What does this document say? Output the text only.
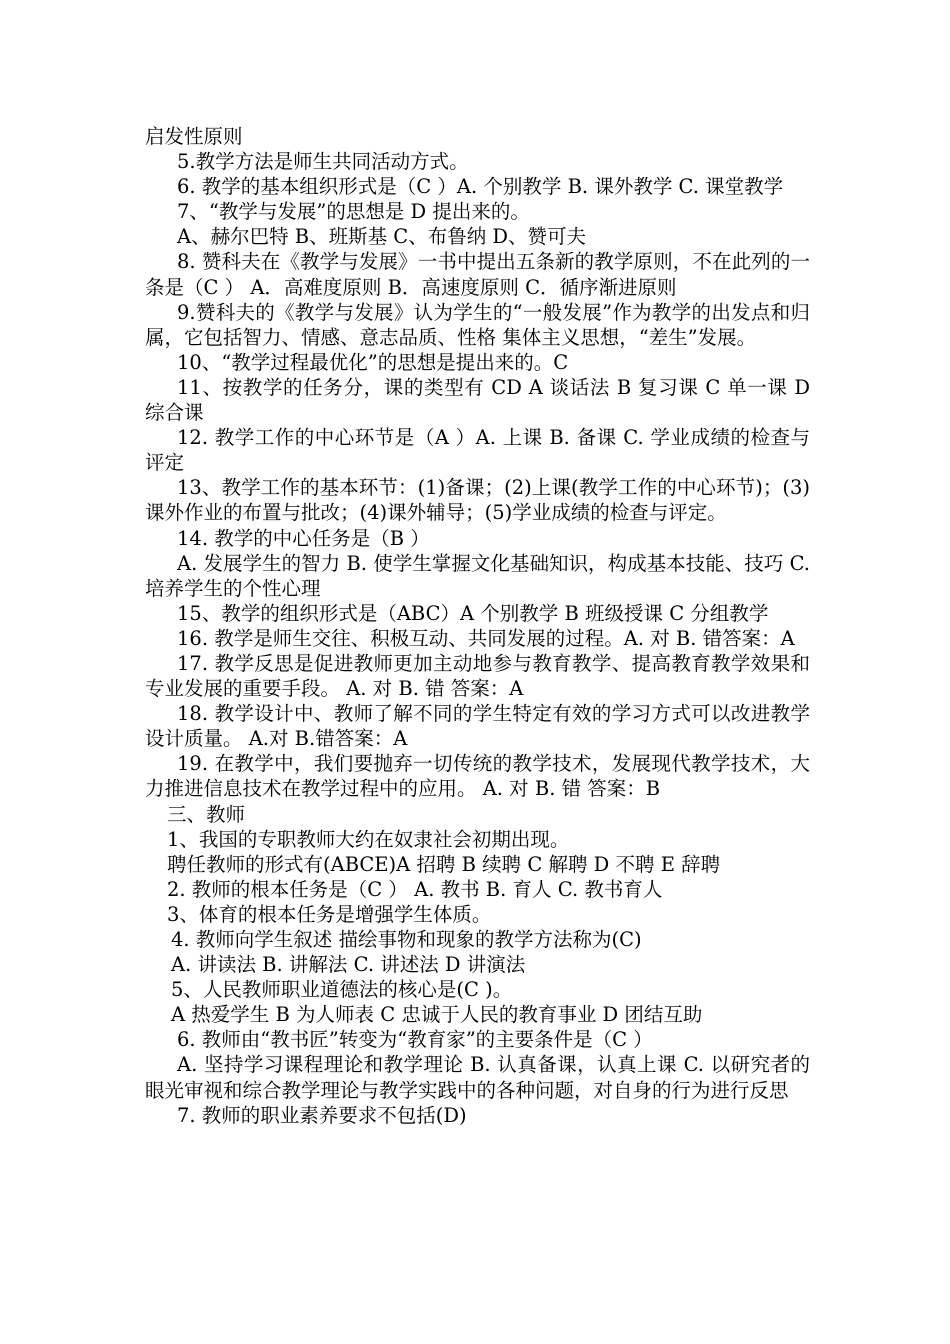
启发性原则

5.教学方法是师生共同活动方式。

6. 教学的基本组织形式是（C ）A. 个别教学 B. 课外教学 C. 课堂教学

7、“教学与发展”的思想是 D 提出来的。

A、赫尔巴特 B、班斯基 C、布鲁纳 D、赞可夫

8. 赞科夫在《教学与发展》一书中提出五条新的教学原则，不在此列的一条是（C ） A．高难度原则 B．高速度原则 C．循序渐进原则

9.赞科夫的《教学与发展》认为学生的“一般发展”作为教学的出发点和归属，它包括智力、情感、意志品质、性格 集体主义思想，“差生”发展。

10、“教学过程最优化”的思想是提出来的。C

11、按教学的任务分，课的类型有 CD A 谈话法 B 复习课 C 单一课 D 综合课

12. 教学工作的中心环节是（A ）A. 上课 B. 备课 C. 学业成绩的检查与评定

13、教学工作的基本环节：(1)备课；(2)上课(教学工作的中心环节)；(3)课外作业的布置与批改；(4)课外辅导；(5)学业成绩的检查与评定。

14. 教学的中心任务是（B ）

A. 发展学生的智力 B. 使学生掌握文化基础知识，构成基本技能、技巧 C. 培养学生的个性心理

15、教学的组织形式是（ABC）A 个别教学 B 班级授课 C 分组教学

16. 教学是师生交往、积极互动、共同发展的过程。A. 对 B. 错答案：A

17. 教学反思是促进教师更加主动地参与教育教学、提高教育教学效果和专业发展的重要手段。 A. 对 B. 错 答案：A

18. 教学设计中、教师了解不同的学生特定有效的学习方式可以改进教学设计质量。 A.对 B.错答案：A

19. 在教学中，我们要抛弃一切传统的教学技术，发展现代教学技术，大力推进信息技术在教学过程中的应用。 A. 对 B. 错 答案：B

三、教师

1、我国的专职教师大约在奴隶社会初期出现。

聘任教师的形式有(ABCE)A 招聘 B 续聘 C 解聘 D 不聘 E 辞聘

2. 教师的根本任务是（C ） A. 教书 B. 育人 C. 教书育人

3、体育的根本任务是增强学生体质。

4. 教师向学生叙述 描绘事物和现象的教学方法称为(C)

A. 讲读法 B. 讲解法 C. 讲述法 D 讲演法

5、人民教师职业道德法的核心是(C )。

A 热爱学生 B 为人师表 C 忠诚于人民的教育事业 D 团结互助

6. 教师由“教书匠”转变为“教育家”的主要条件是（C ）

A. 坚持学习课程理论和教学理论 B. 认真备课，认真上课 C. 以研究者的眼光审视和综合教学理论与教学实践中的各种问题，对自身的行为进行反思

7. 教师的职业素养要求不包括(D)
